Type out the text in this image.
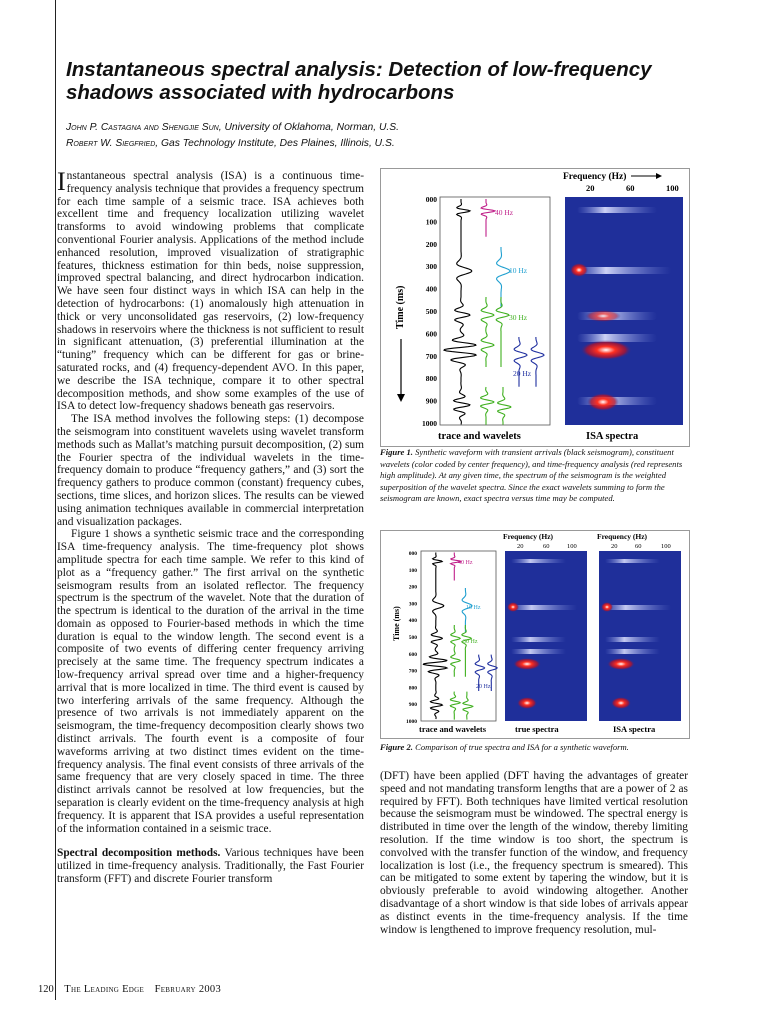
Instantaneous spectral analysis: Detection of low-frequency shadows associated with hydrocarbons

John P. Castagna and Shengjie Sun, University of Oklahoma, Norman, U.S.

Robert W. Siegfried, Gas Technology Institute, Des Plaines, Illinois, U.S.

Instantaneous spectral analysis (ISA) is a continuous time-frequency analysis technique that provides a frequency spectrum for each time sample of a seismic trace. ISA achieves both excellent time and frequency localization utilizing wavelet transforms to avoid windowing problems that complicate conventional Fourier analysis. Applications of the method include enhanced resolution, improved visualization of stratigraphic features, thickness estimation for thin beds, noise suppression, improved spectral balancing, and direct hydrocarbon indication. We have seen four distinct ways in which ISA can help in the detection of hydrocarbons: (1) anomalously high attenuation in thick or very unconsolidated gas reservoirs, (2) low-frequency shadows in reservoirs where the thickness is not sufficient to result in significant attenuation, (3) preferential illumination at the “tuning” frequency which can be different for gas or brine-saturated rocks, and (4) frequency-dependent AVO. In this paper, we describe the ISA technique, compare it to other spectral decomposition methods, and show some examples of the use of ISA to detect low-frequency shadows beneath gas reservoirs.

The ISA method involves the following steps: (1) decompose the seismogram into constituent wavelets using wavelet transform methods such as Mallat’s matching pursuit decomposition, (2) sum the Fourier spectra of the individual wavelets in the time-frequency domain to produce “frequency gathers,” and (3) sort the frequency gathers to produce common (constant) frequency cubes, sections, time slices, and horizon slices. The results can be viewed using animation techniques available in commercial interpretation and visualization packages.

Figure 1 shows a synthetic seismic trace and the corresponding ISA time-frequency analysis. The time-frequency plot shows amplitude spectra for each time sample. We refer to this kind of plot as a “frequency gather.” The first arrival on the synthetic seismogram results from an isolated reflector. The frequency spectrum is the spectrum of the wavelet. Note that the duration of the spectrum is identical to the duration of the arrival in the time domain as opposed to Fourier-based methods in which the time duration is equal to the window length. The second event is a composite of two events of differing center frequency arriving precisely at the same time. The frequency spectrum indicates a low-frequency arrival spread over time and a higher-frequency arrival that is more localized in time. The third event is caused by two interfering arrivals of the same frequency. Although the presence of two arrivals is not immediately apparent on the seismogram, the time-frequency decomposition clearly shows two distinct arrivals. The fourth event is a composite of four waveforms arriving at two distinct times evident on the time-frequency analysis. The final event consists of three arrivals of the same frequency that are very closely spaced in time. The three distinct arrivals cannot be resolved at low frequencies, but the separation is clearly evident on the time-frequency analysis at high frequency. It is apparent that ISA provides a useful representation of the information contained in a seismic trace.

Spectral decomposition methods. Various techniques have been utilized in time-frequency analysis. Traditionally, the Fast Fourier transform (FFT) and discrete Fourier transform

(DFT) have been applied (DFT having the advantages of greater speed and not mandating transform lengths that are a power of 2 as required by FFT). Both techniques have limited vertical resolution because the seismogram must be windowed. The spectral energy is distributed in time over the length of the window, thereby limiting resolution. If the time window is too short, the spectrum is convolved with the transfer function of the window, and frequency localization is lost (i.e., the frequency spectrum is smeared). This can be mitigated to some extent by tapering the window, but it is obviously preferable to avoid windowing altogether. Another disadvantage of a short window is that side lobes of arrivals appear as distinct events in the time-frequency analysis. If the time window is lengthened to improve frequency resolution, mul-

Frequency (Hz)
20	60	100
Time (ms)
000
100
200
300
400
500
600
700
800
900
1000
40 Hz
10 Hz
30 Hz
20 Hz
trace and wavelets	ISA spectra
Figure 1. Synthetic waveform with transient arrivals (black seismogram), constituent wavelets (color coded by center frequency), and time-frequency analysis (red represents high amplitude). At any given time, the spectrum of the seismogram is the weighted superposition of the wavelet spectra. Since the exact wavelets summing to form the seismogram are known, exact spectra versus time may be computed.
Frequency (Hz)	Frequency (Hz)
20	60	100	20	60	100
Time (ms)
000
100
200
300
400
500
600
700
800
900
1000
40 Hz
10 Hz
30 Hz
20 Hz
trace and wavelets	true spectra	ISA spectra
Figure 2. Comparison of true spectra and ISA for a synthetic waveform.
120 The Leading Edge February 2003
